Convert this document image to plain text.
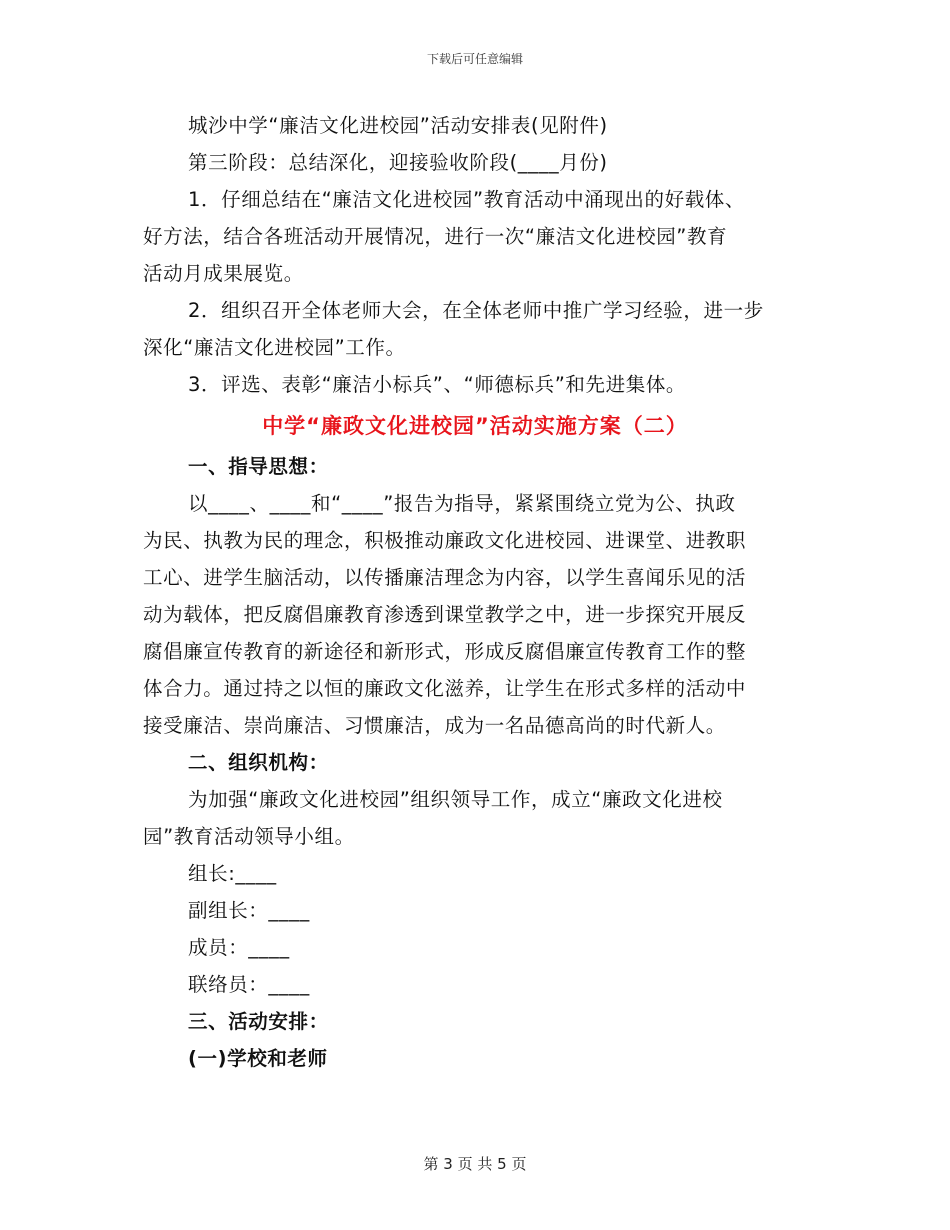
下载后可任意编辑
城沙中学“廉洁文化进校园”活动安排表(见附件)
第三阶段：总结深化，迎接验收阶段(____月份)
1．仔细总结在“廉洁文化进校园”教育活动中涌现出的好载体、
好方法，结合各班活动开展情况，进行一次“廉洁文化进校园”教育
活动月成果展览。
2．组织召开全体老师大会，在全体老师中推广学习经验，进一步
深化“廉洁文化进校园”工作。
3．评选、表彰“廉洁小标兵”、“师德标兵”和先进集体。
中学“廉政文化进校园”活动实施方案（二）
一、指导思想：
以____、____和“____”报告为指导，紧紧围绕立党为公、执政
为民、执教为民的理念，积极推动廉政文化进校园、进课堂、进教职
工心、进学生脑活动，以传播廉洁理念为内容，以学生喜闻乐见的活
动为载体，把反腐倡廉教育渗透到课堂教学之中，进一步探究开展反
腐倡廉宣传教育的新途径和新形式，形成反腐倡廉宣传教育工作的整
体合力。通过持之以恒的廉政文化滋养，让学生在形式多样的活动中
接受廉洁、崇尚廉洁、习惯廉洁，成为一名品德高尚的时代新人。
二、组织机构：
为加强“廉政文化进校园”组织领导工作，成立“廉政文化进校
园”教育活动领导小组。
组长:____
副组长：____
成员：____
联络员：____
三、活动安排：
(一)学校和老师
第 3 页 共 5 页
